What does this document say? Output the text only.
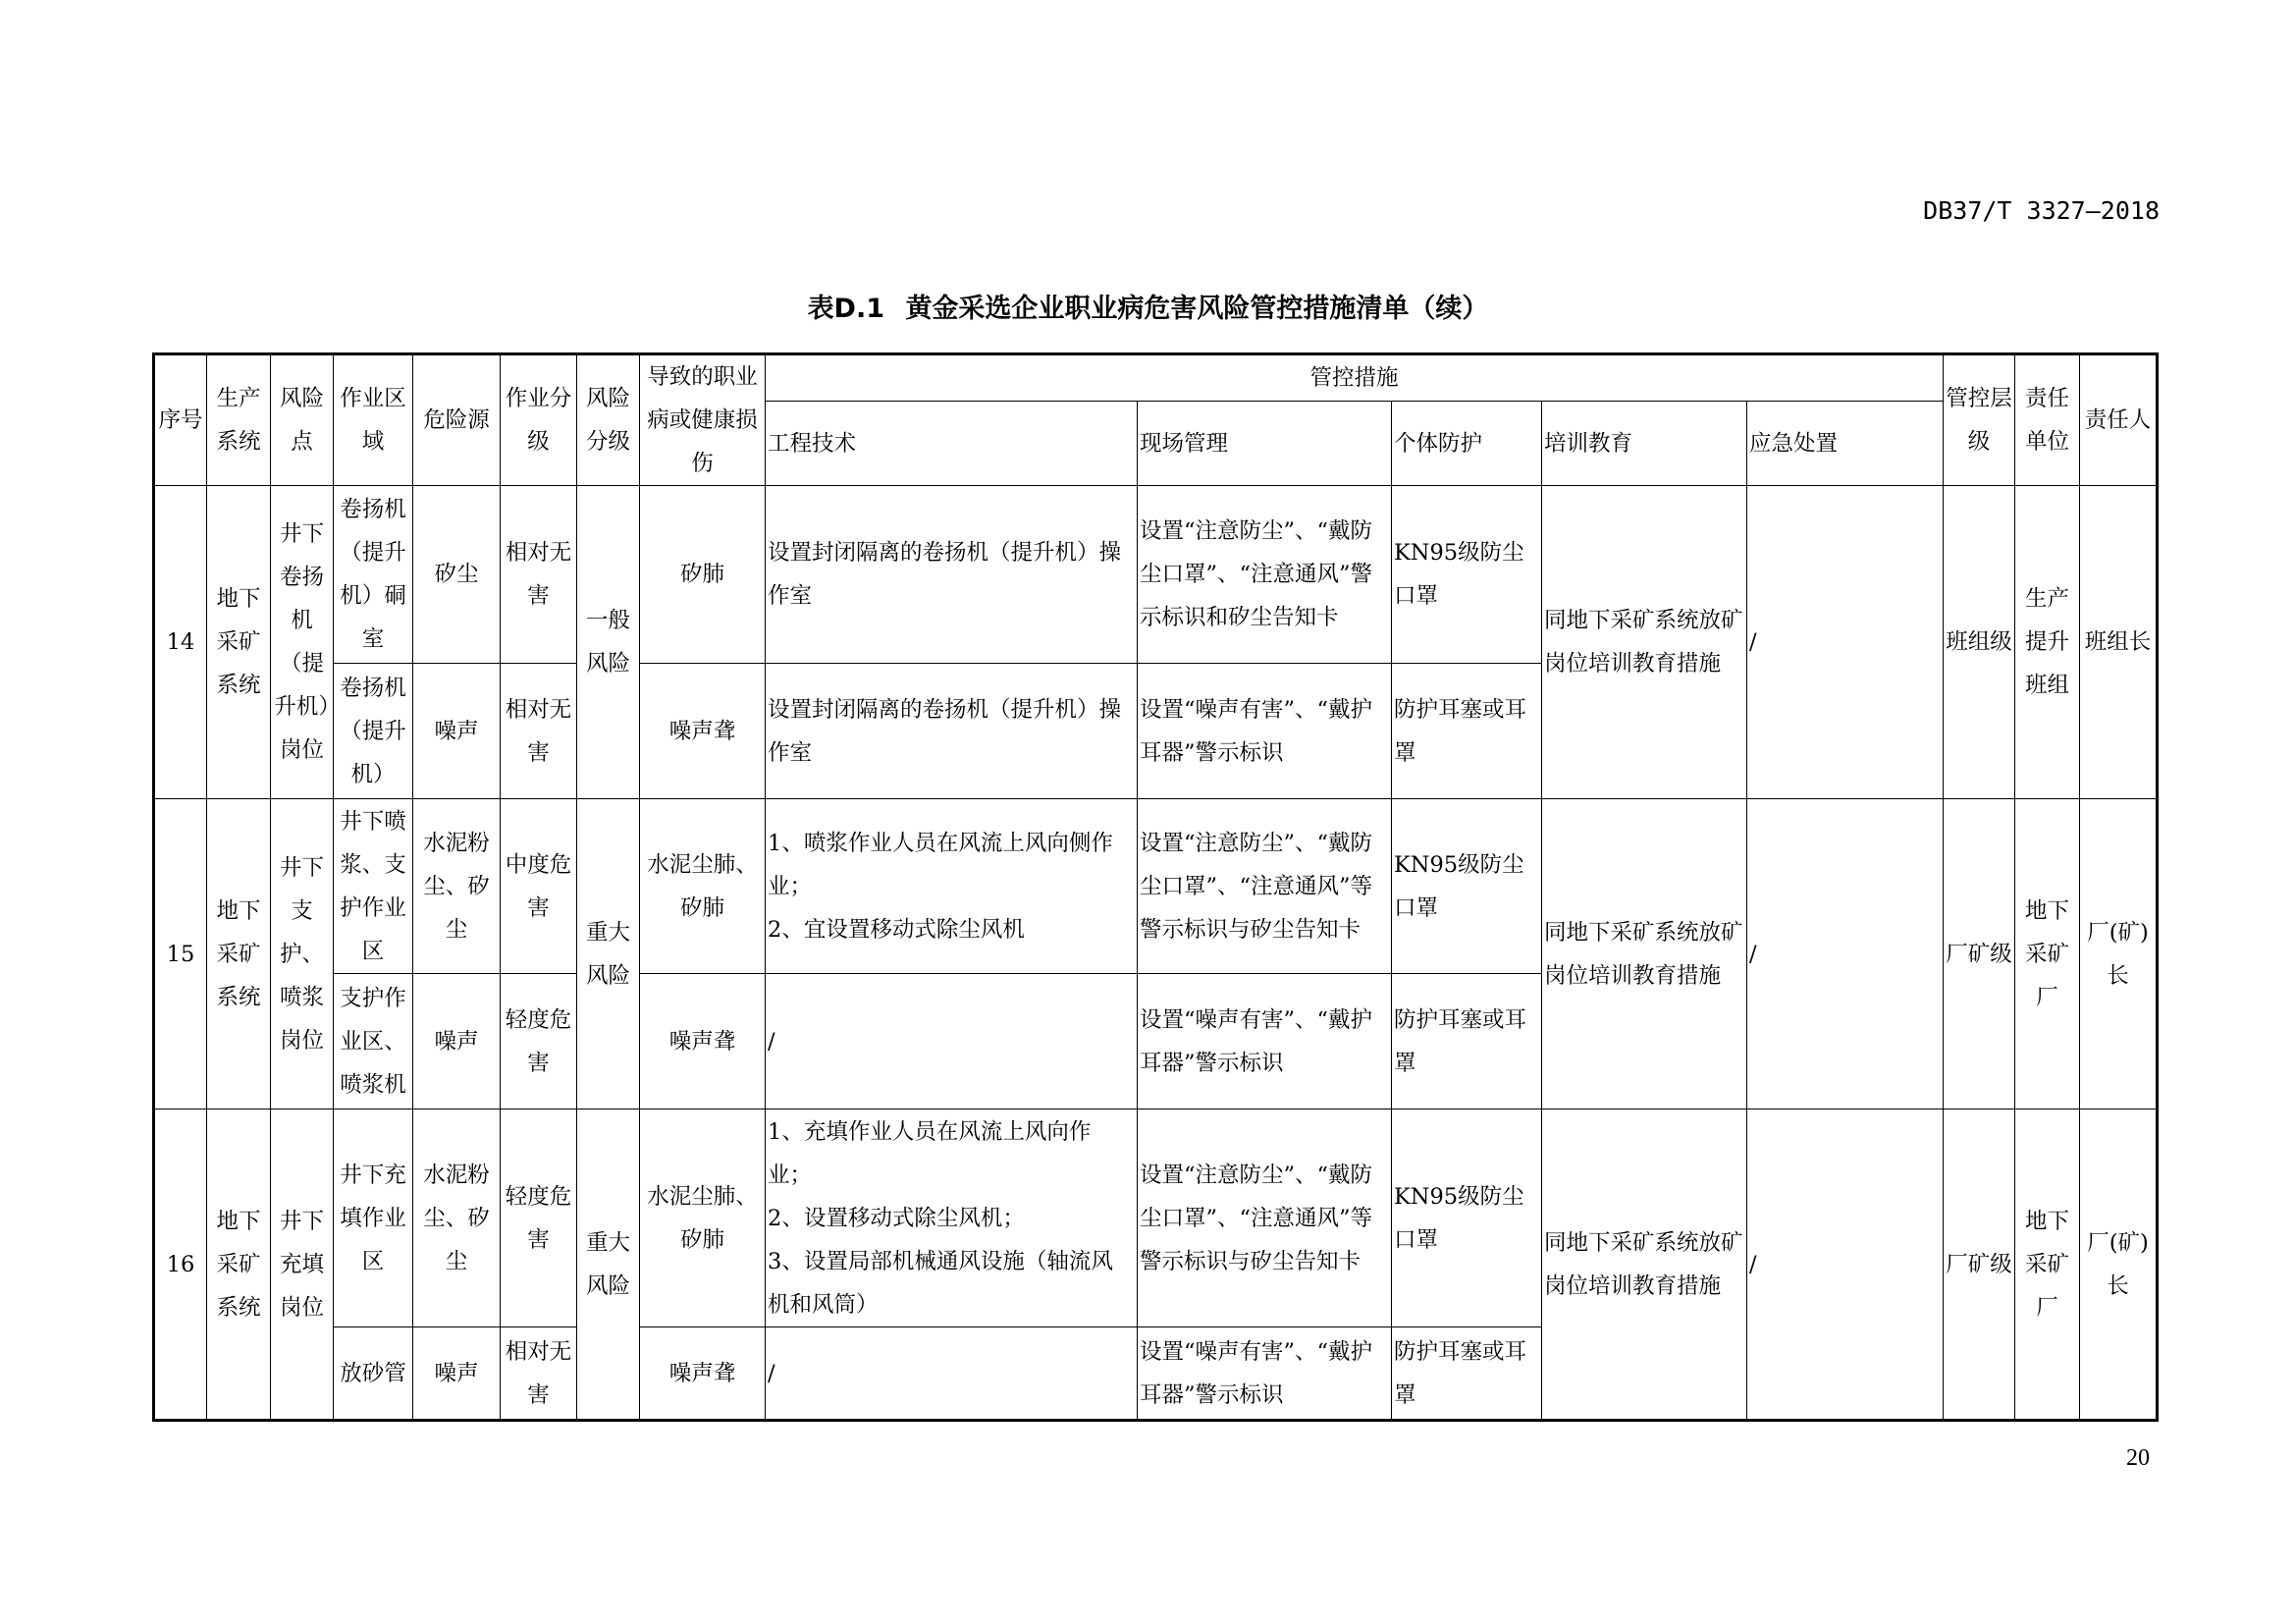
DB37/T 3327—2018
表D.1 黄金采选企业职业病危害风险管控措施清单（续）
序号	生产系统	风险点	作业区域	危险源	作业分级	风险分级	导致的职业病或健康损伤	管控措施					管控层级	责任单位	责任人
								工程技术	现场管理	个体防护	培训教育	应急处置			
14	地下采矿系统	井下卷扬机（提升机）岗位	卷扬机（提升机）硐室	矽尘	相对无害	一般风险	矽肺	设置封闭隔离的卷扬机（提升机）操作室	设置“注意防尘”、“戴防尘口罩”、“注意通风”警示标识和矽尘告知卡	KN95级防尘口罩	同地下采矿系统放矿岗位培训教育措施	/	班组级	生产提升班组	班组长
			卷扬机（提升机）	噪声	相对无害		噪声聋	设置封闭隔离的卷扬机（提升机）操作室	设置“噪声有害”、“戴护耳器”警示标识	防护耳塞或耳罩					
15	地下采矿系统	井下支护、喷浆岗位	井下喷浆、支护作业区	水泥粉尘、矽尘	中度危害	重大风险	水泥尘肺、矽肺	1、喷浆作业人员在风流上风向侧作业；
2、宜设置移动式除尘风机	设置“注意防尘”、“戴防尘口罩”、“注意通风”等警示标识与矽尘告知卡	KN95级防尘口罩	同地下采矿系统放矿岗位培训教育措施	/	厂矿级	地下采矿厂	厂(矿)长
			支护作业区、喷浆机	噪声	轻度危害		噪声聋	/	设置“噪声有害”、“戴护耳器”警示标识	防护耳塞或耳罩					
16	地下采矿系统	井下充填岗位	井下充填作业区	水泥粉尘、矽尘	轻度危害	重大风险	水泥尘肺、矽肺	1、充填作业人员在风流上风向作业；
2、设置移动式除尘风机；
3、设置局部机械通风设施（轴流风机和风筒）	设置“注意防尘”、“戴防尘口罩”、“注意通风”等警示标识与矽尘告知卡	KN95级防尘口罩	同地下采矿系统放矿岗位培训教育措施	/	厂矿级	地下采矿厂	厂(矿)长
			放砂管	噪声	相对无害		噪声聋	/	设置“噪声有害”、“戴护耳器”警示标识	防护耳塞或耳罩					
20
